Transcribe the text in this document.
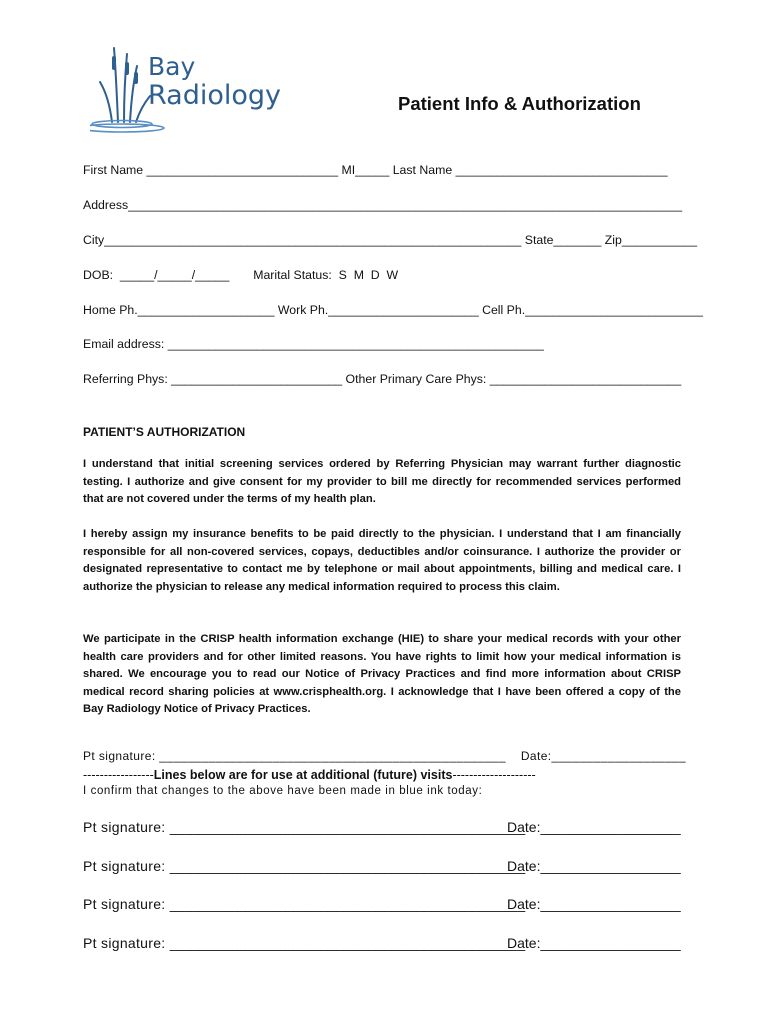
Bay
Radiology	Patient Info & Authorization
First Name ____________________________ MI_____ Last Name _______________________________
Address_________________________________________________________________________________
City_____________________________________________________________ State_______ Zip___________
DOB:  _____/_____/_____       Marital Status:  S  M  D  W
Home Ph.____________________ Work Ph.______________________ Cell Ph.__________________________
Email address: _______________________________________________________
Referring Phys: _________________________ Other Primary Care Phys: ____________________________
PATIENT’S AUTHORIZATION
I understand that initial screening services ordered by Referring Physician may warrant further diagnostic testing. I authorize and give consent for my provider to bill me directly for recommended services performed that are not covered under the terms of my health plan.
I hereby assign my insurance benefits to be paid directly to the physician. I understand that I am financially responsible for all non-covered services, copays, deductibles and/or coinsurance. I authorize the provider or designated representative to contact me by telephone or mail about appointments, billing and medical care. I authorize the physician to release any medical information required to process this claim.
We participate in the CRISP health information exchange (HIE) to share your medical records with your other health care providers and for other limited reasons. You have rights to limit how your medical information is shared. We encourage you to read our Notice of Privacy Practices and find more information about CRISP medical record sharing policies at www.crisphealth.org. I acknowledge that I have been offered a copy of the Bay Radiology Notice of Privacy Practices.
Pt signature: _________________________________________________    Date:___________________
-----------------Lines below are for use at additional (future) visits--------------------
I confirm that changes to the above have been made in blue ink today:
Pt signature: ____________________________________________
Date:__________________
Pt signature: ____________________________________________
Date:__________________
Pt signature: ____________________________________________
Date:__________________
Pt signature: ____________________________________________
Date:__________________
